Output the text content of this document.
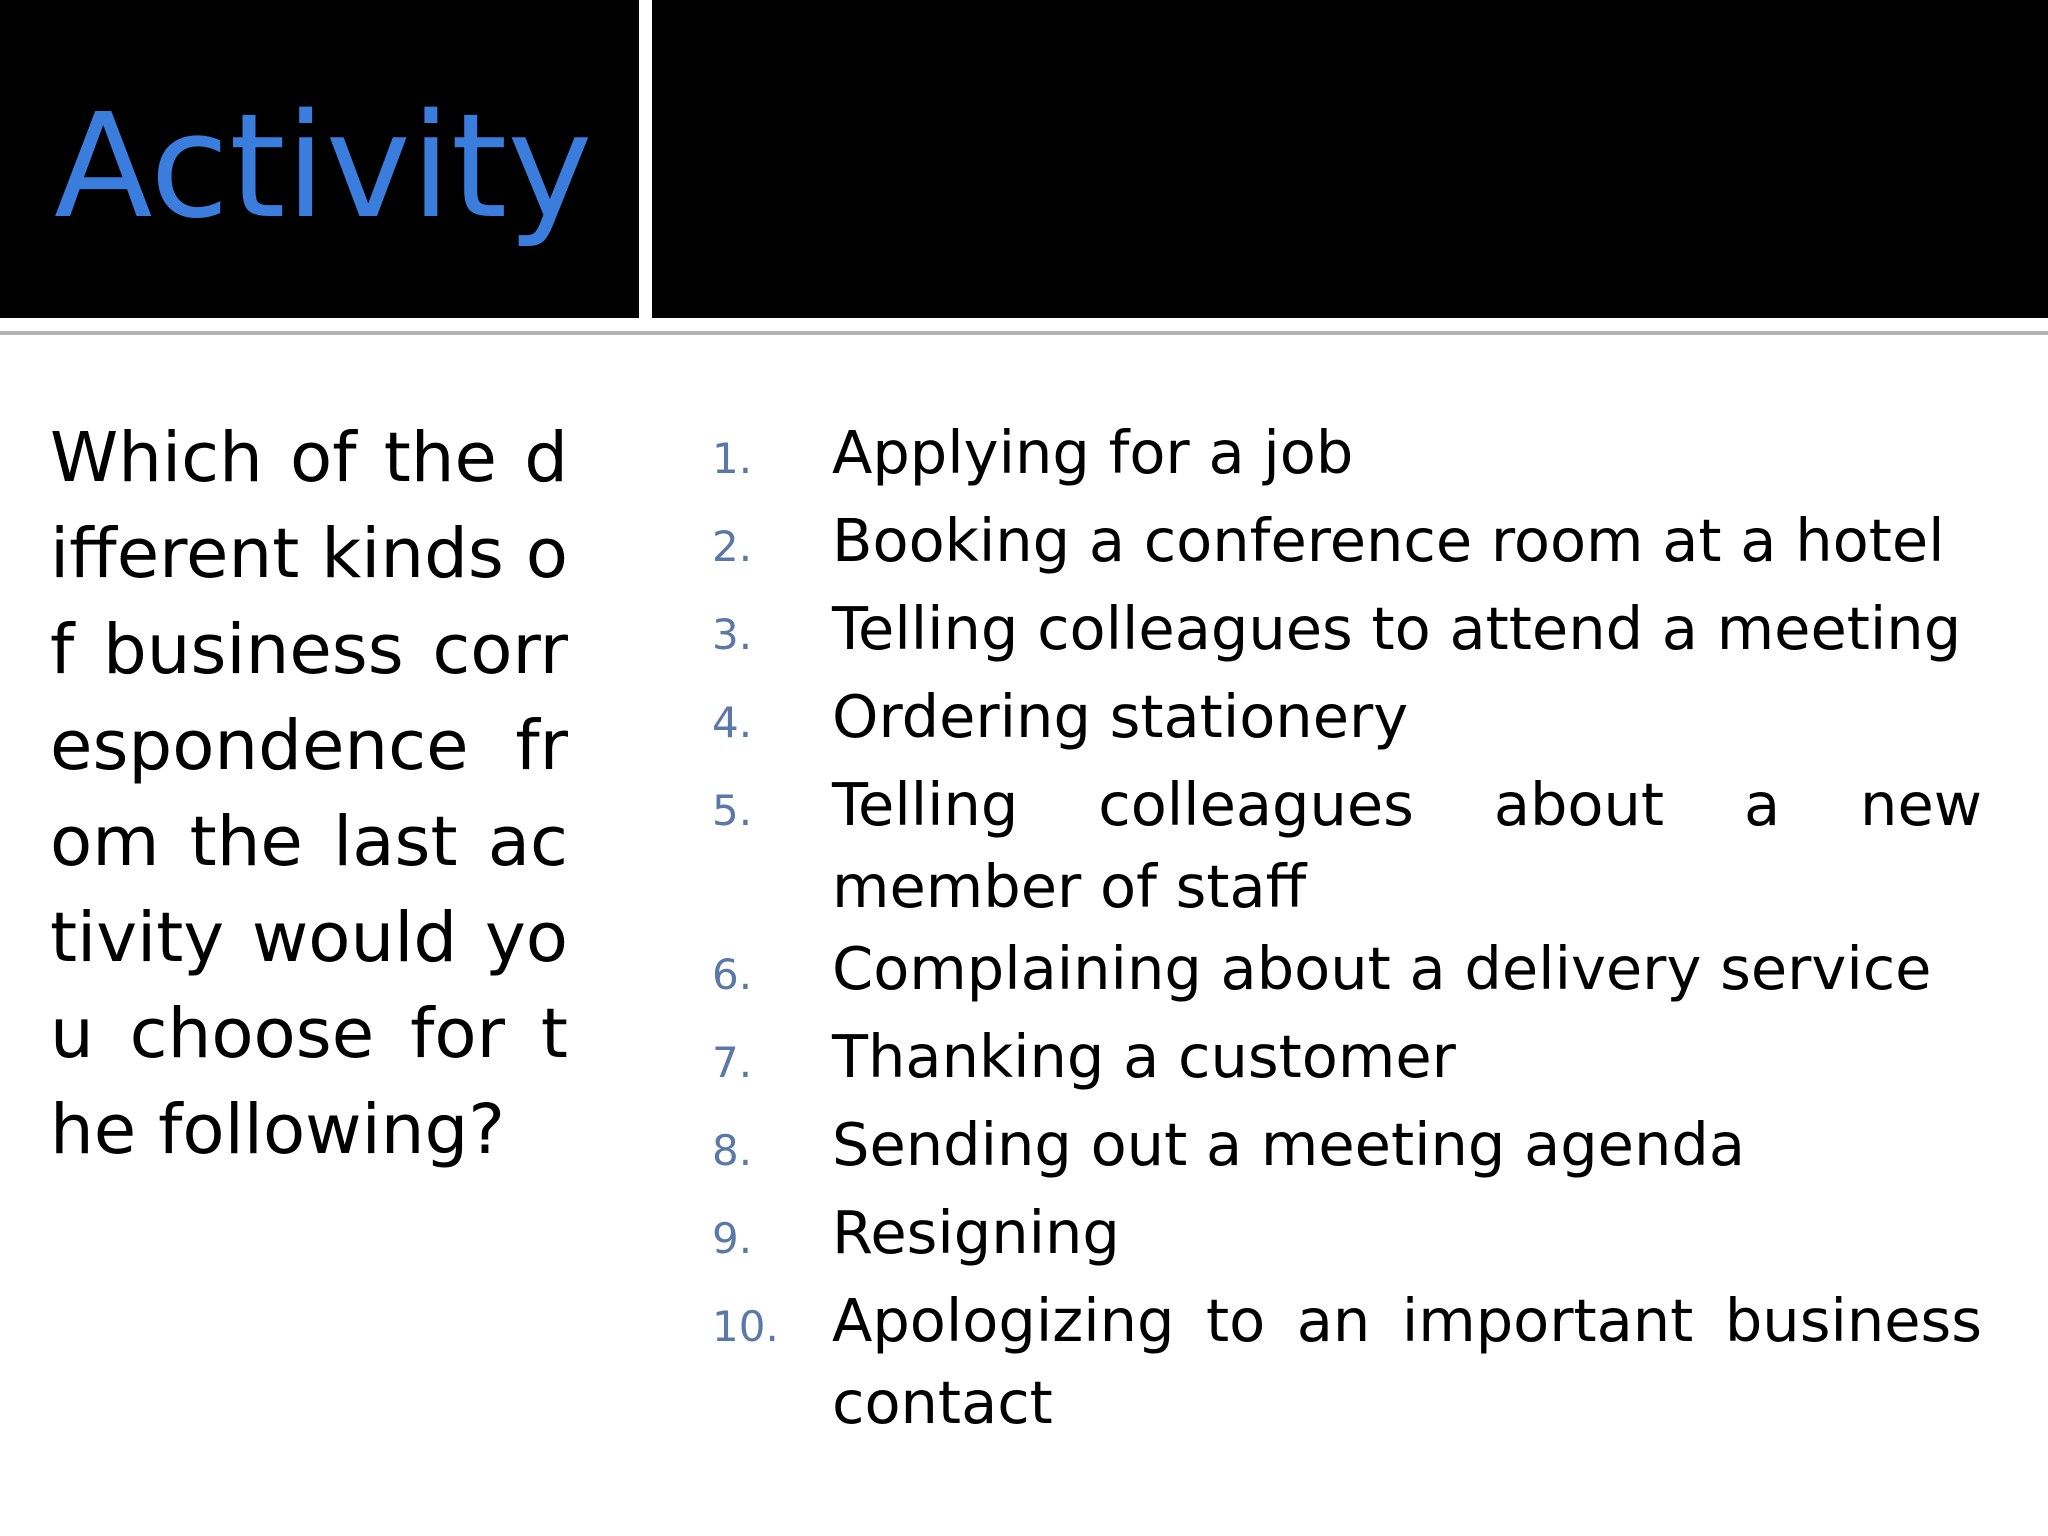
Activity

Which of the different kinds of business correspondence from the last activity would you choose for the following?

1.	Applying for a job
2.	Booking a conference room at a hotel
3.	Telling colleagues to attend a meeting
4.	Ordering stationery
5.	Telling colleagues about a new member of staff
6.	Complaining about a delivery service
7.	Thanking a customer
8.	Sending out a meeting agenda
9.	Resigning
10. Apologizing to an important business contact
